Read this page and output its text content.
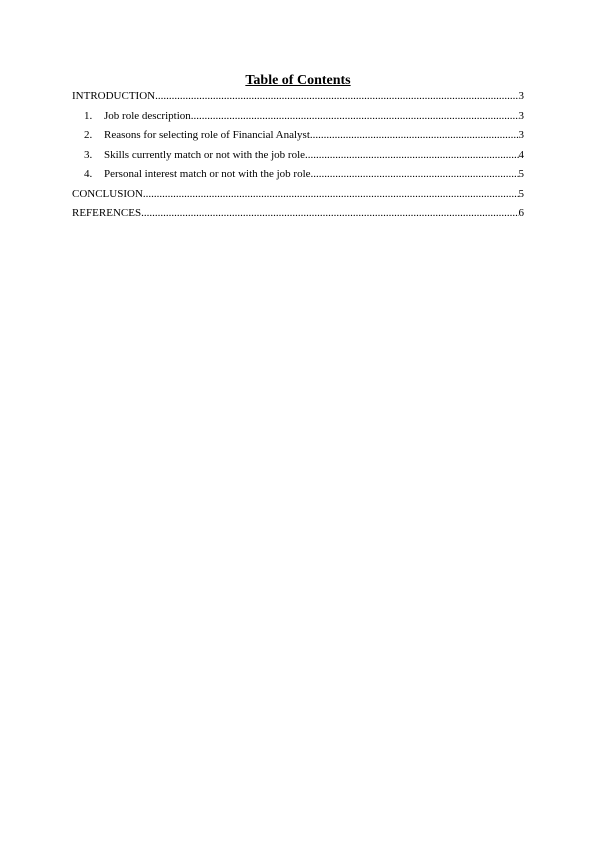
Table of Contents
INTRODUCTION .....	3
1.	Job role description .....	3
2.	Reasons for selecting role of Financial Analyst .....	3
3.	Skills currently match or not with the job role .....	4
4.	Personal interest match or not with the job role .....	5
CONCLUSION .....	5
REFERENCES .....	6
